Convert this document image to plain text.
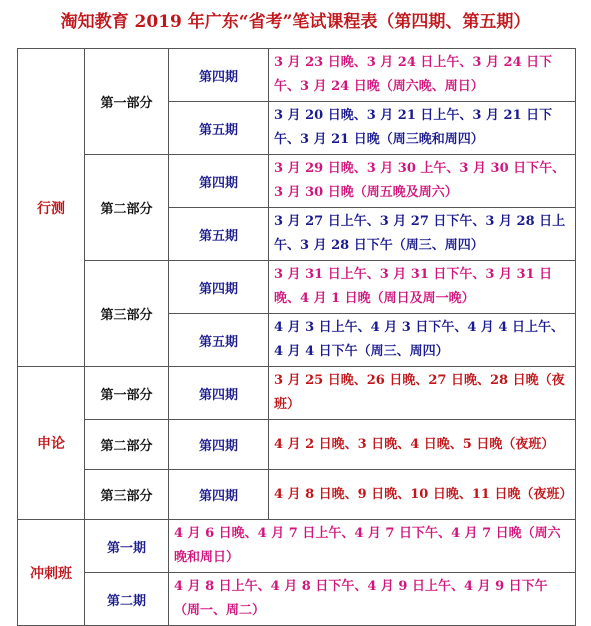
淘知教育 2019 年广东“省考”笔试课程表（第四期、第五期）
行测	第一部分	第四期	3 月 23 日晚、3 月 24 日上午、3 月 24 日下午、3 月 24 日晚（周六晚、周日）
		第五期	3 月 20 日晚、3 月 21 日上午、3 月 21 日下午、3 月 21 日晚（周三晚和周四）
	第二部分	第四期	3 月 29 日晚、3 月 30 上午、3 月 30 日下午、3 月 30 日晚（周五晚及周六）
		第五期	3 月 27 日上午、3 月 27 日下午、3 月 28 日上午、3 月 28 日下午（周三、周四）
	第三部分	第四期	3 月 31 日上午、3 月 31 日下午、3 月 31 日晚、4 月 1 日晚（周日及周一晚）
		第五期	4 月 3 日上午、4 月 3 日下午、4 月 4 日上午、4 月 4 日下午（周三、周四）
申论	第一部分	第四期	3 月 25 日晚、26 日晚、27 日晚、28 日晚（夜班）
	第二部分	第四期	4 月 2 日晚、3 日晚、4 日晚、5 日晚（夜班）
	第三部分	第四期	4 月 8 日晚、9 日晚、10 日晚、11 日晚（夜班）
冲刺班	第一期	4 月 6 日晚、4 月 7 日上午、4 月 7 日下午、4 月 7 日晚（周六晚和周日）	
	第二期	4 月 8 日上午、4 月 8 日下午、4 月 9 日上午、4 月 9 日下午（周一、周二）	
